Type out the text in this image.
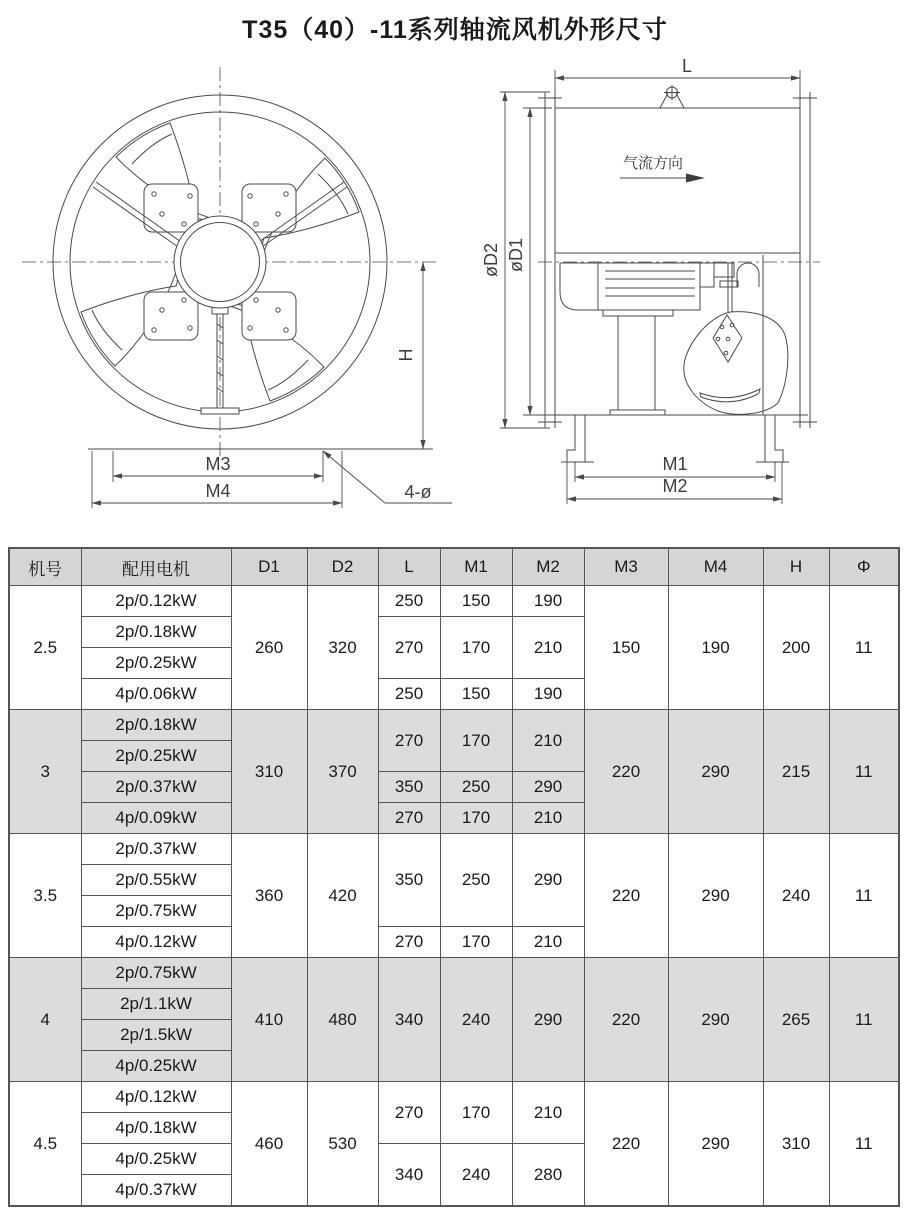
T35（40）-11系列轴流风机外形尺寸
H
M3
M4	4-ø
气流方向
L
øD2 øD1
M1
M2
机号	配用电机	D1	D2	L	M1	M2	M3	M4	H	Φ
2.5	2p/0.12kW	260	320	250	150	190	150	190	200	11
	2p/0.18kW			270	170	210				
	2p/0.25kW									
	4p/0.06kW			250	150	190				
3	2p/0.18kW	310	370	270	170	210	220	290	215	11
	2p/0.25kW									
	2p/0.37kW			350	250	290				
	4p/0.09kW			270	170	210				
3.5	2p/0.37kW	360	420	350	250	290	220	290	240	11
	2p/0.55kW									
	2p/0.75kW									
	4p/0.12kW			270	170	210				
4	2p/0.75kW	410	480	340	240	290	220	290	265	11
	2p/1.1kW									
	2p/1.5kW									
	4p/0.25kW									
4.5	4p/0.12kW	460	530	270	170	210	220	290	310	11
	4p/0.18kW									
	4p/0.25kW			340	240	280				
	4p/0.37kW									
